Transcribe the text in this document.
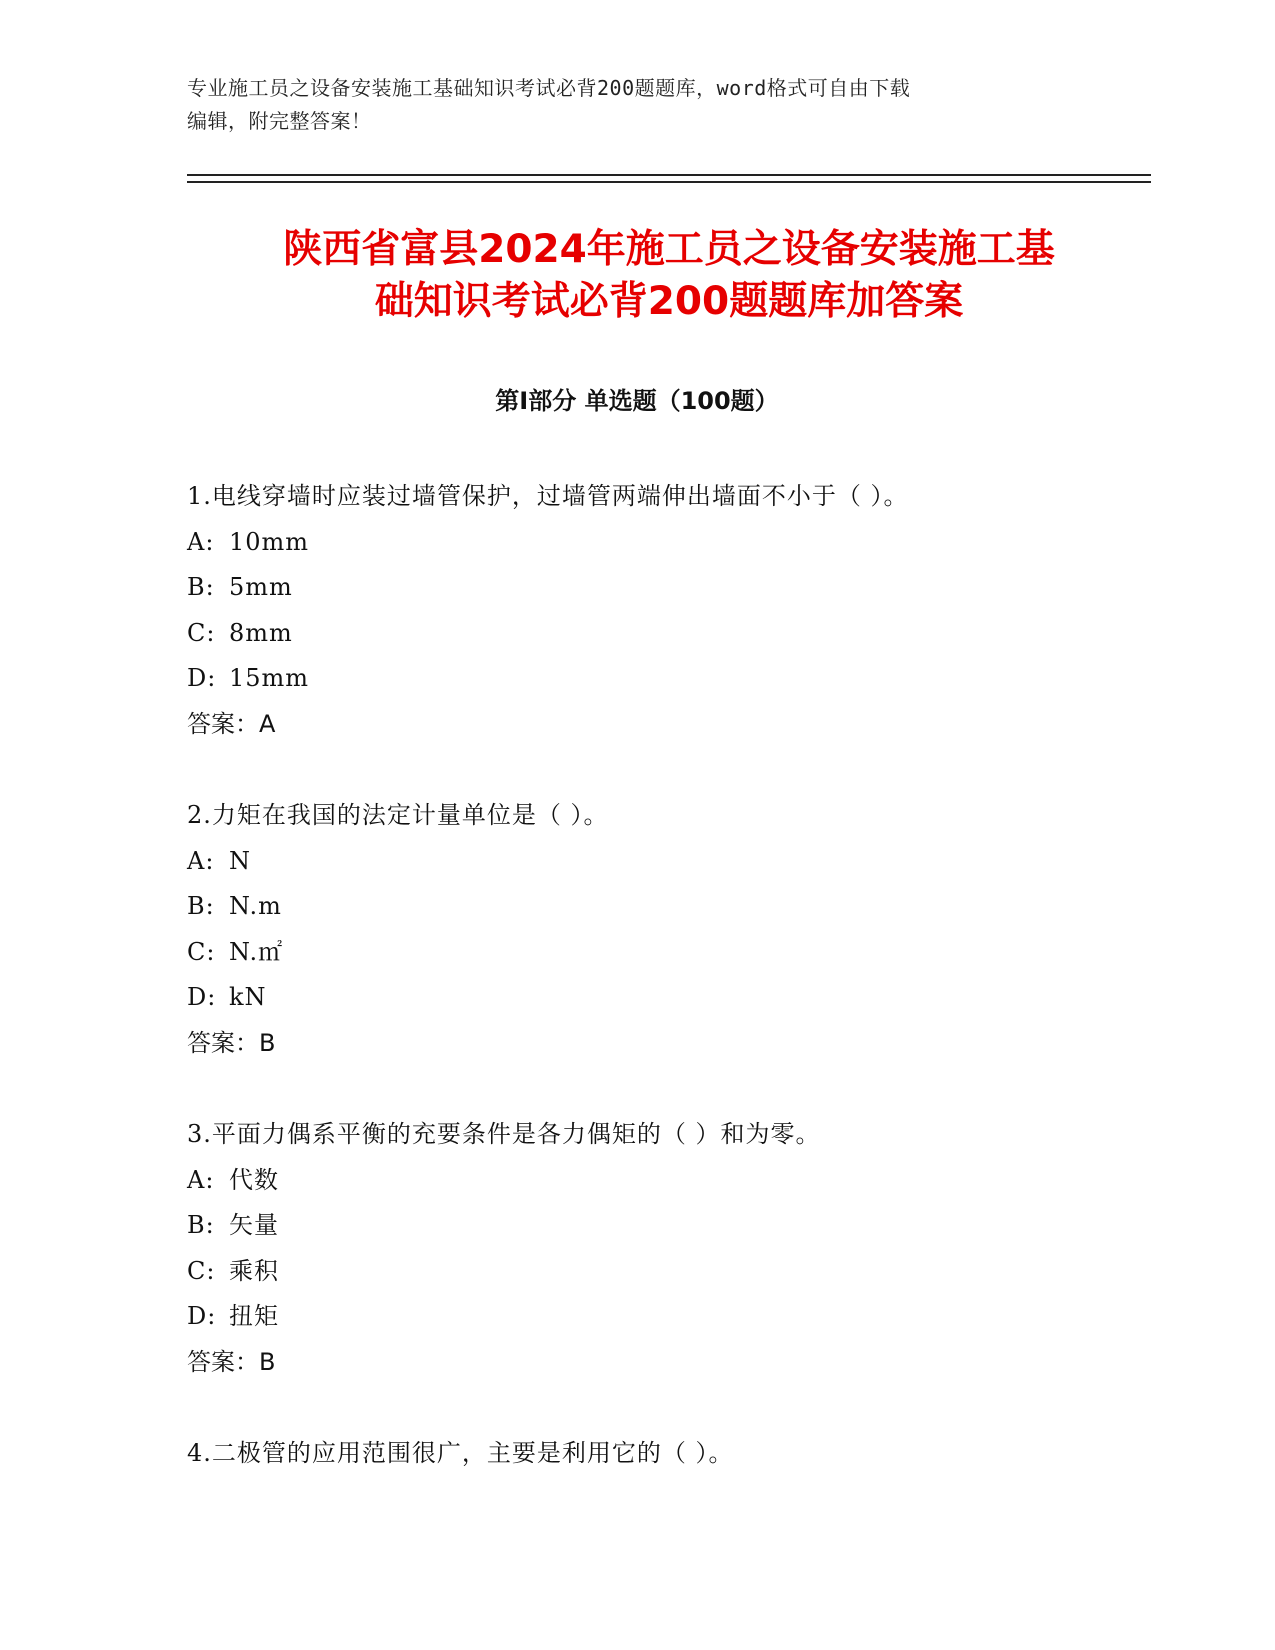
专业施工员之设备安装施工基础知识考试必背200题题库，word格式可自由下载
编辑，附完整答案！
陕西省富县2024年施工员之设备安装施工基
础知识考试必背200题题库加答案
第Ⅰ部分 单选题（100题）
1.电线穿墙时应装过墙管保护，过墙管两端伸出墙面不小于（ ）。
A: 10mm
B: 5mm
C: 8mm
D: 15mm
答案：A
2.力矩在我国的法定计量单位是（ ）。
A: N
B: N.m
C: N.㎡
D: kN
答案：B
3.平面力偶系平衡的充要条件是各力偶矩的（ ）和为零。
A: 代数
B: 矢量
C: 乘积
D: 扭矩
答案：B
4.二极管的应用范围很广，主要是利用它的（ ）。
